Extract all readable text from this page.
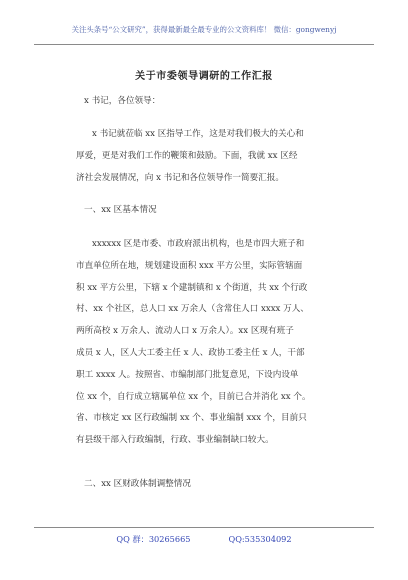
关注头条号“公文研究”，获得最新最全最专业的公文资料库！ 微信：gongwenyj
关于市委领导调研的工作汇报
x 书记，各位领导：
x 书记就莅临 xx 区指导工作，这是对我们极大的关心和
厚爱，更是对我们工作的鞭策和鼓励。下面，我就 xx 区经
济社会发展情况，向 x 书记和各位领导作一简要汇报。
一、xx 区基本情况
xxxxxx 区是市委、市政府派出机构，也是市四大班子和
市直单位所在地，规划建设面积 xxx 平方公里，实际管辖面
积 xx 平方公里，下辖 x 个建制镇和 x 个街道，共 xx 个行政
村、xx 个社区，总人口 xx 万余人（含常住人口 xxxx 万人、
两所高校 x 万余人、流动人口 x 万余人）。xx 区现有班子
成员 x 人，区人大工委主任 x 人、政协工委主任 x 人，干部
职工 xxxx 人。按照省、市编制部门批复意见，下设内设单
位 xx 个，自行成立辖属单位 xx 个，目前已合并消化 xx 个。
省、市核定 xx 区行政编制 xx 个、事业编制 xxx 个，目前只
有县级干部入行政编制，行政、事业编制缺口较大。
二、xx 区财政体制调整情况
QQ 群：30265665	QQ:535304092
